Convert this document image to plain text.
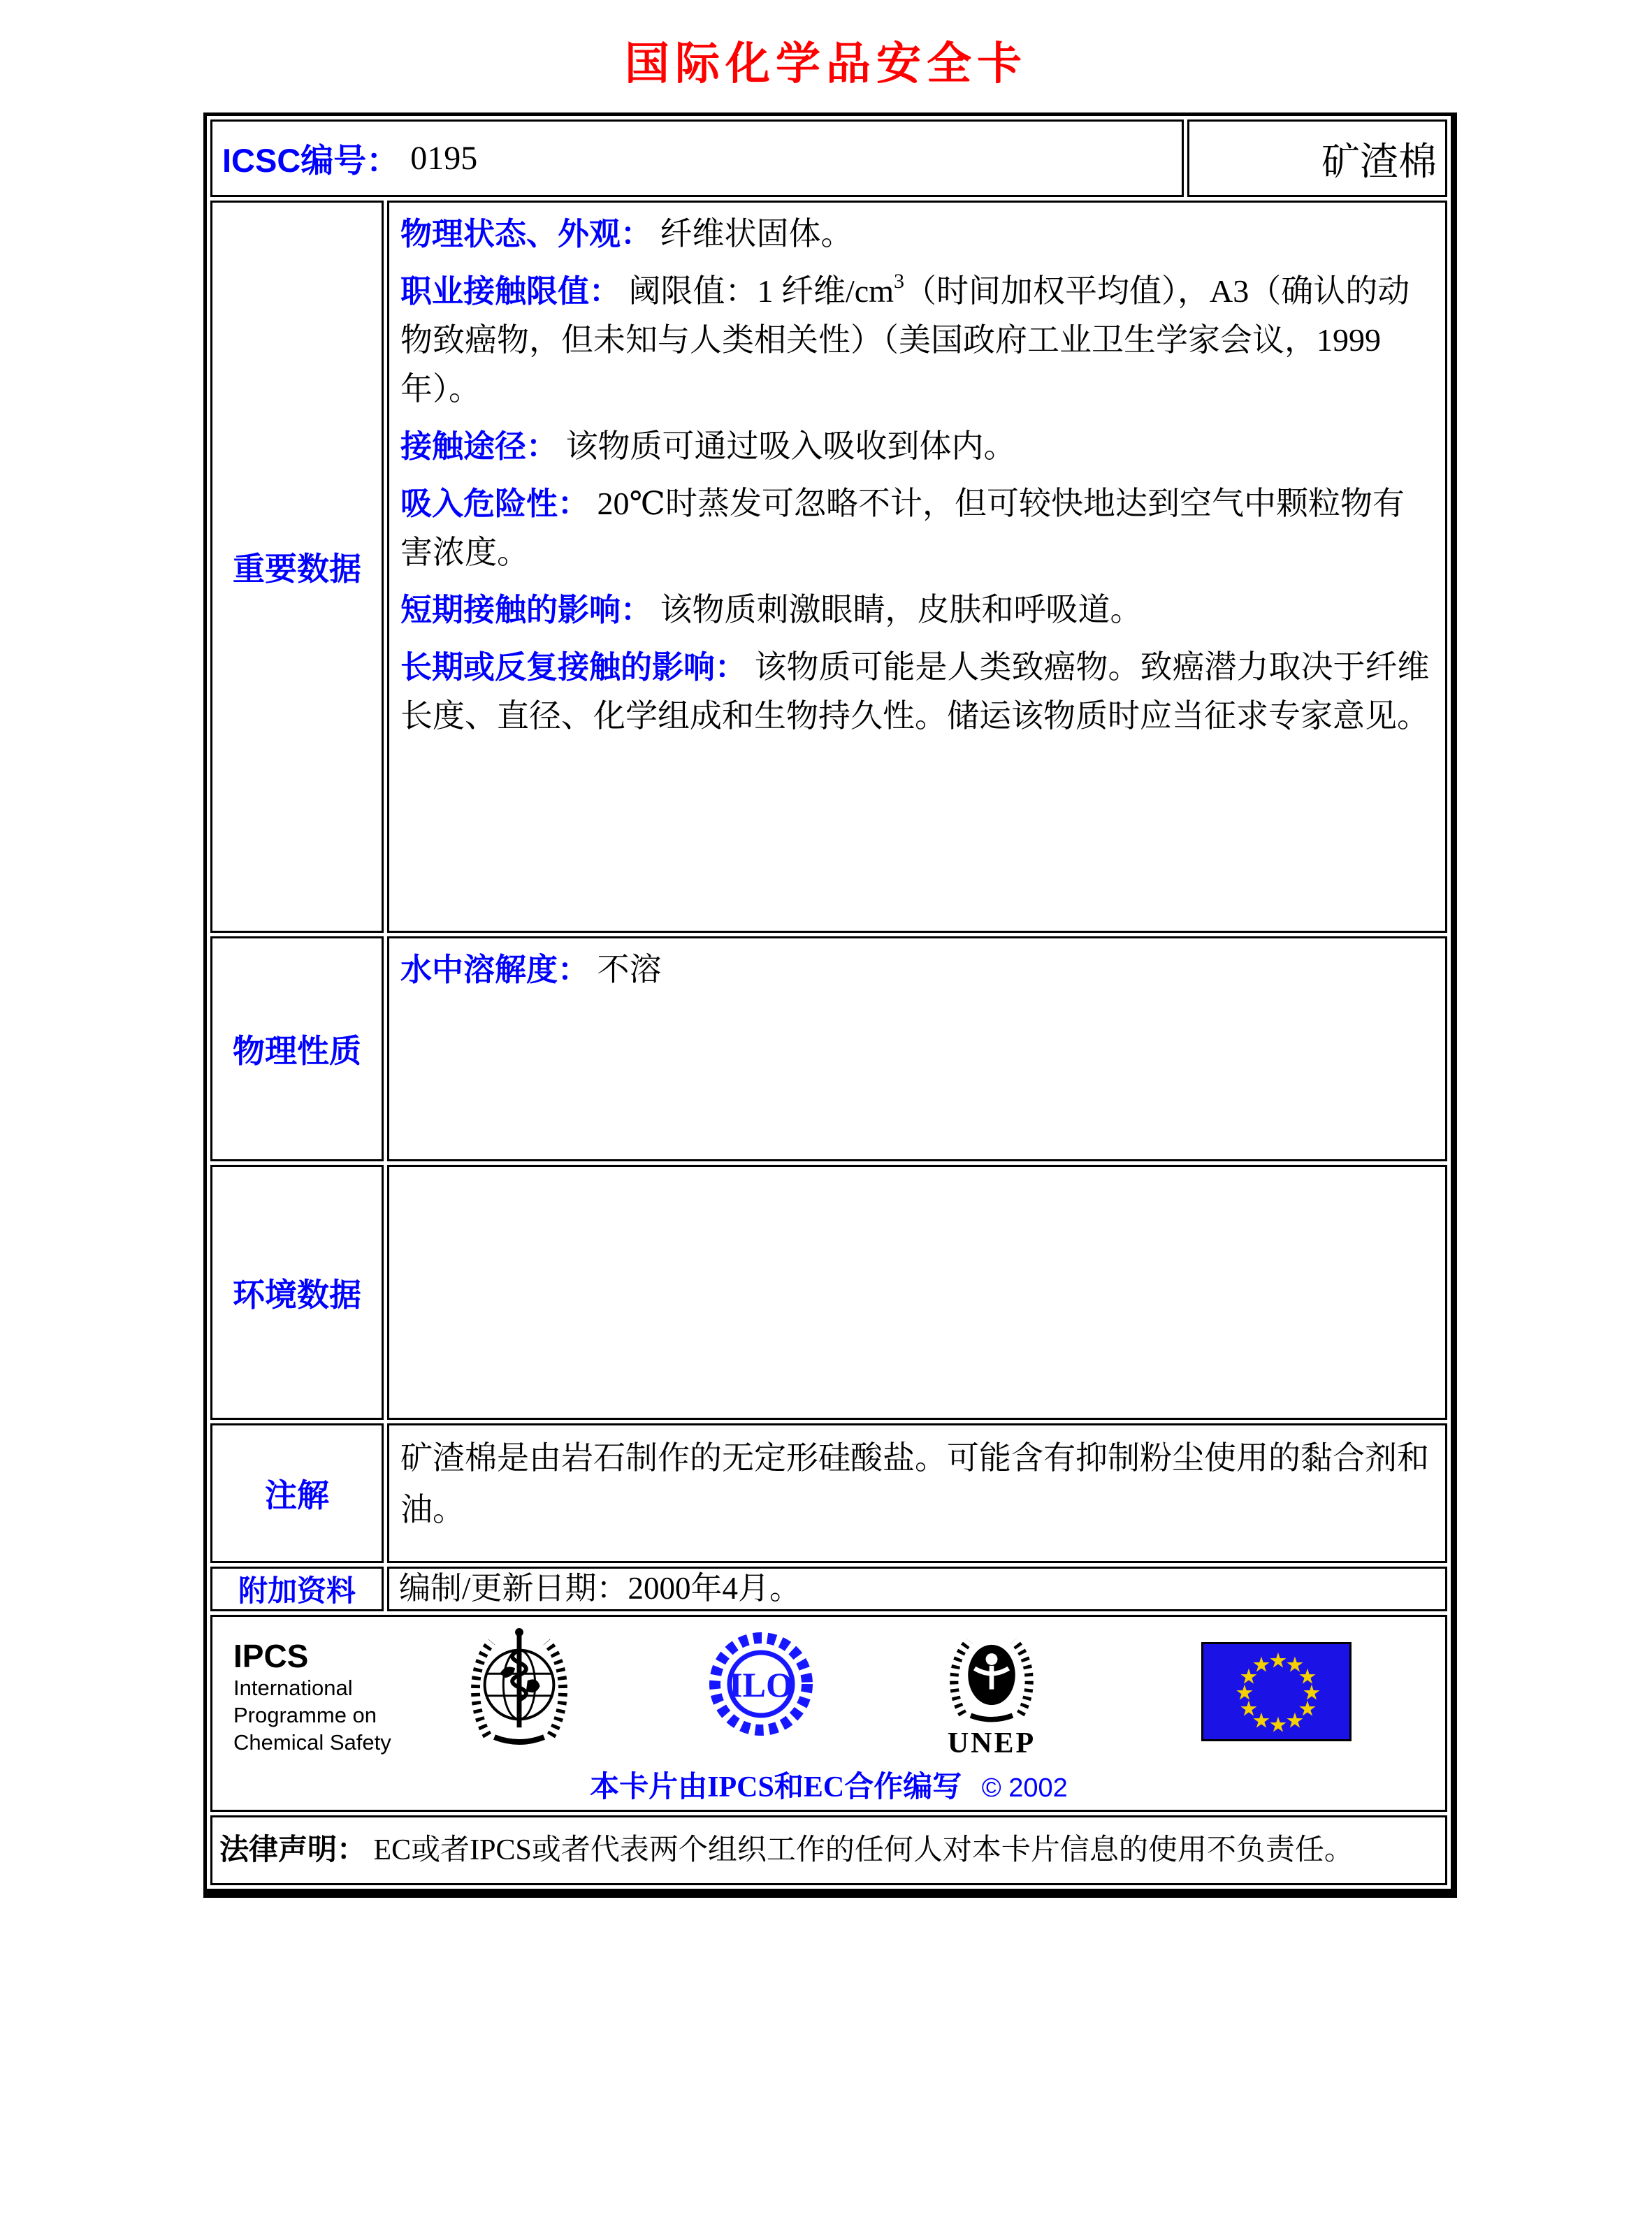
国际化学品安全卡
ICSC编号： 0195	矿渣棉
重要数据

物理状态、外观： 纤维状固体。

职业接触限值： 阈限值：1 纤维$/cm^3$（时间加权平均值），A3（确认的动物致癌物，但未知与人类相关性）（美国政府工业卫生学家会议，1999年）。

接触途径： 该物质可通过吸入吸收到体内。

吸入危险性： 20℃时蒸发可忽略不计，但可较快地达到空气中颗粒物有害浓度。

短期接触的影响： 该物质刺激眼睛，皮肤和呼吸道。

长期或反复接触的影响： 该物质可能是人类致癌物。致癌潜力取决于纤维长度、直径、化学组成和生物持久性。储运该物质时应当征求专家意见。

物理性质

水中溶解度： 不溶

环境数据
注解

矿渣棉是由岩石制作的无定形硅酸盐。可能含有抑制粉尘使用的黏合剂和油。

附加资料	编制/更新日期：2000年4月。
IPCS
International
Programme on
Chemical Safety
ILO
UNEP
★
★
★
★
★
★
★
★
★
★
★
★
本卡片由IPCS和EC合作编写 © 2002
法律声明： EC或者IPCS或者代表两个组织工作的任何人对本卡片信息的使用不负责任。
